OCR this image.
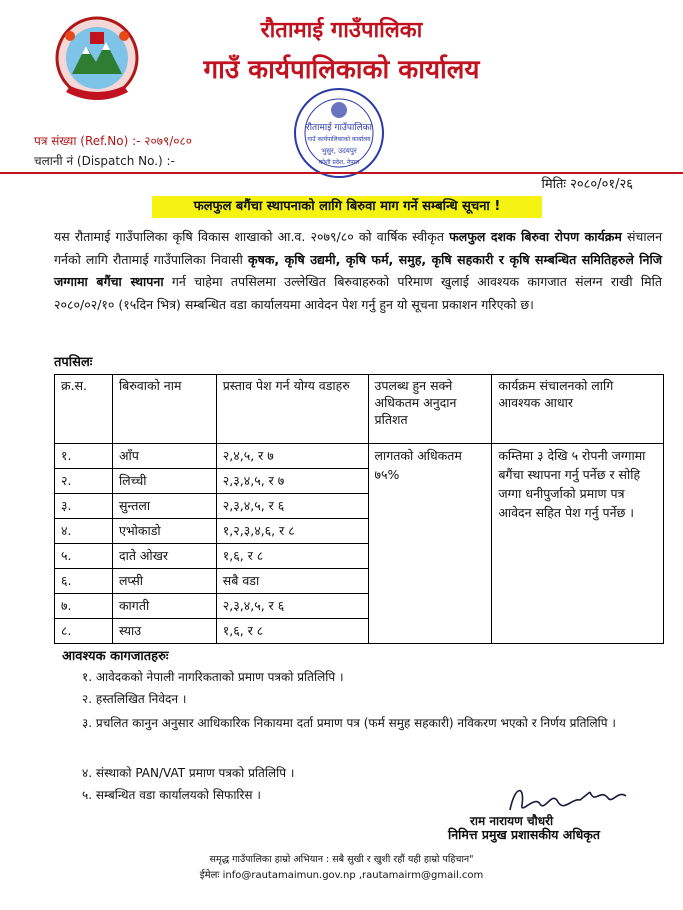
रौतामाई गाउँपालिका
गाउँ कार्यपालिकाको कार्यालय
पत्र संख्या (Ref.No) :- २०७९/०८०
चलानी नं (Dispatch No.) :-
रौतामाई गाउँपालिका
गाउँ कार्यपालिकाको कार्यालय
भुसुर, उदयपुर
कोशी प्रदेश, नेपाल
मितिः २०८०/०१/२६
फलफुल बगैंचा स्थापनाको लागि बिरुवा माग गर्ने सम्बन्धि सूचना !
यस रौतामाई गाउँपालिका कृषि विकास शाखाको आ.व. २०७९/८० को वार्षिक स्वीकृत फलफुल दशक बिरुवा रोपण कार्यक्रम संचालन गर्नको लागि रौतामाई गाउँपालिका निवासी कृषक, कृषि उद्यमी, कृषि फर्म, समुह, कृषि सहकारी र कृषि सम्बन्धित समितिहरुले निजि जग्गामा बगैंचा स्थापना गर्न चाहेमा तपसिलमा उल्लेखित बिरुवाहरुको परिमाण खुलाई आवश्यक कागजात संलग्न राखी मिति २०८०/०२/१० (१५दिन भित्र) सम्बन्धित वडा कार्यालयमा आवेदन पेश गर्नु हुन यो सूचना प्रकाशन गरिएको छ।
तपसिलः
क्र.स.	बिरुवाको नाम	प्रस्ताव पेश गर्न योग्य वडाहरु	उपलब्ध हुन सक्ने अधिकतम अनुदान प्रतिशत	कार्यक्रम संचालनको लागि आवश्यक आधार
१.	आँप	२,४,५, र ७	लागतको अधिकतम ७५%	कम्तिमा ३ देखि ५ रोपनी जग्गामा बगैंचा स्थापना गर्नु पर्नेछ र सोहि जग्गा धनीपुर्जाको प्रमाण पत्र आवेदन सहित पेश गर्नु पर्नेछ ।
२.	लिच्ची	२,३,४,५, र ७		
३.	सुन्तला	२,३,४,५, र ६		
४.	एभोकाडो	१,२,३,४,६, र ८		
५.	दाते ओखर	१,६, र ८		
६.	लप्सी	सबै वडा		
७.	कागती	२,३,४,५, र ६		
८.	स्याउ	१,६, र ८		
आवश्यक कागजातहरुः
१. आवेदकको नेपाली नागरिकताको प्रमाण पत्रको प्रतिलिपि ।
२. हस्तलिखित निवेदन ।
३. प्रचलित कानुन अनुसार आधिकारिक निकायमा दर्ता प्रमाण पत्र (फर्म समुह सहकारी) नविकरण भएको र निर्णय प्रतिलिपि ।
४. संस्थाको PAN/VAT प्रमाण पत्रको प्रतिलिपि ।
५. सम्बन्धित वडा कार्यालयको सिफारिस ।
राम नारायण चौधरी
निमित्त प्रमुख प्रशासकीय अधिकृत
समृद्ध गाउँपालिका हाम्रो अभियान : सबै सुखी र खुशी रहौं यही हाम्रो पहिचान"
ईमेलः info@rautamaimun.gov.np ,rautamairm@gmail.com
